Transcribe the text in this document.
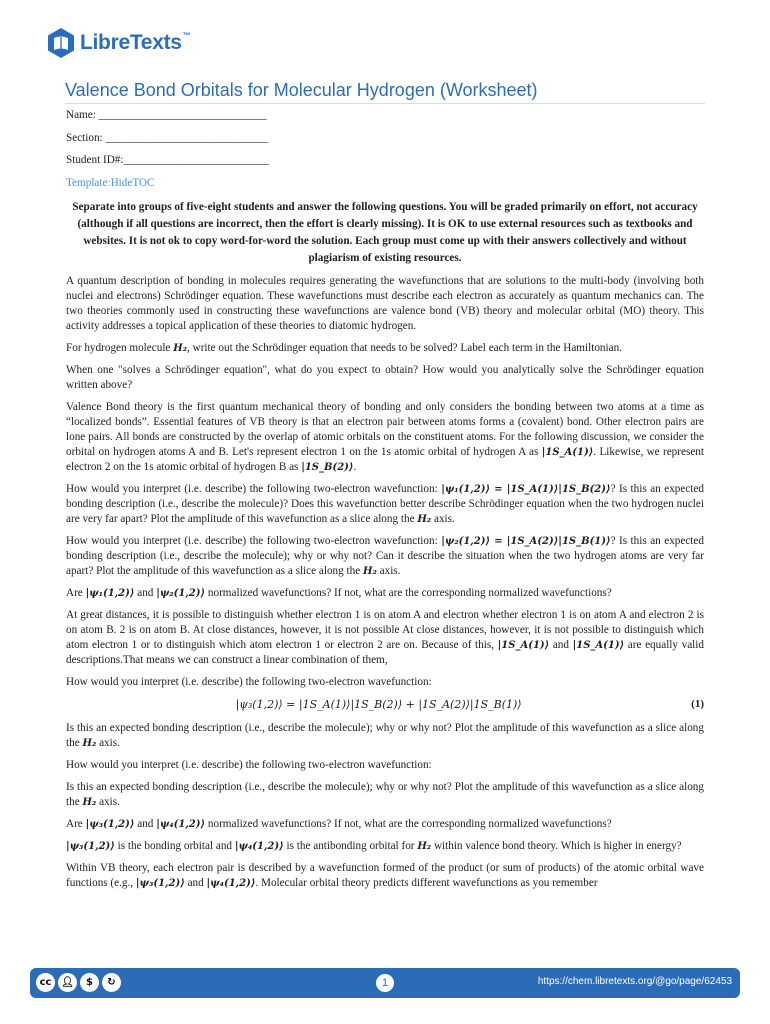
LibreTexts™
Valence Bond Orbitals for Molecular Hydrogen (Worksheet)
Name: ______________________________
Section: _____________________________
Student ID#:__________________________
Template:HideTOC

Separate into groups of five-eight students and answer the following questions. You will be graded primarily on effort, not accuracy (although if all questions are incorrect, then the effort is clearly missing). It is OK to use external resources such as textbooks and websites. It is not ok to copy word-for-word the solution. Each group must come up with their answers collectively and without plagiarism of existing resources.

A quantum description of bonding in molecules requires generating the wavefunctions that are solutions to the multi-body (involving both nuclei and electrons) Schrödinger equation. These wavefunctions must describe each electron as accurately as quantum mechanics can. The two theories commonly used in constructing these wavefunctions are valence bond (VB) theory and molecular orbital (MO) theory. This activity addresses a topical application of these theories to diatomic hydrogen.

For hydrogen molecule H₂, write out the Schrödinger equation that needs to be solved? Label each term in the Hamiltonian.

When one "solves a Schrödinger equation", what do you expect to obtain? How would you analytically solve the Schrödinger equation written above?

Valence Bond theory is the first quantum mechanical theory of bonding and only considers the bonding between two atoms at a time as “localized bonds”. Essential features of VB theory is that an electron pair between atoms forms a (covalent) bond. Other electron pairs are lone pairs. All bonds are constructed by the overlap of atomic orbitals on the constituent atoms. For the following discussion, we consider the orbital on hydrogen atoms A and B. Let's represent electron 1 on the 1s atomic orbital of hydrogen A as |1S_A(1)⟩. Likewise, we represent electron 2 on the 1s atomic orbital of hydrogen B as |1S_B(2)⟩.

How would you interpret (i.e. describe) the following two-electron wavefunction: |ψ₁(1,2)⟩ = |1S_A(1)⟩|1S_B(2)⟩? Is this an expected bonding description (i.e., describe the molecule)? Does this wavefunction better describe Schrödinger equation when the two hydrogen nuclei are very far apart? Plot the amplitude of this wavefunction as a slice along the H₂ axis.

How would you interpret (i.e. describe) the following two-electron wavefunction: |ψ₂(1,2)⟩ = |1S_A(2)⟩|1S_B(1)⟩? Is this an expected bonding description (i.e., describe the molecule); why or why not? Can it describe the situation when the two hydrogen atoms are very far apart? Plot the amplitude of this wavefunction as a slice along the H₂ axis.

Are |ψ₁(1,2)⟩ and |ψ₂(1,2)⟩ normalized wavefunctions? If not, what are the corresponding normalized wavefunctions?

At great distances, it is possible to distinguish whether electron 1 is on atom A and electron whether electron 1 is on atom A and electron 2 is on atom B. 2 is on atom B. At close distances, however, it is not possible At close distances, however, it is not possible to distinguish which atom electron 1 or to distinguish which atom electron 1 or electron 2 are on. Because of this, |1S_A(1)⟩ and |1S_A(1)⟩ are equally valid descriptions.That means we can construct a linear combination of them,

How would you interpret (i.e. describe) the following two-electron wavefunction:

|ψ₃(1,2)⟩ = |1S_A(1)⟩|1S_B(2)⟩ + |1S_A(2)⟩|1S_B(1)⟩	(1)

Is this an expected bonding description (i.e., describe the molecule); why or why not? Plot the amplitude of this wavefunction as a slice along the H₂ axis.

How would you interpret (i.e. describe) the following two-electron wavefunction:

Is this an expected bonding description (i.e., describe the molecule); why or why not? Plot the amplitude of this wavefunction as a slice along the H₂ axis.

Are |ψ₃(1,2)⟩ and |ψ₄(1,2)⟩ normalized wavefunctions? If not, what are the corresponding normalized wavefunctions?

|ψ₃(1,2)⟩ is the bonding orbital and |ψ₄(1,2)⟩ is the antibonding orbital for H₂ within valence bond theory. Which is higher in energy?

Within VB theory, each electron pair is described by a wavefunction formed of the product (or sum of products) of the atomic orbital wave functions (e.g., |ψ₃(1,2)⟩ and |ψ₄(1,2)⟩. Molecular orbital theory predicts different wavefunctions as you remember

cc 👤︎	$	↻	1	https://chem.libretexts.org/@go/page/62453
